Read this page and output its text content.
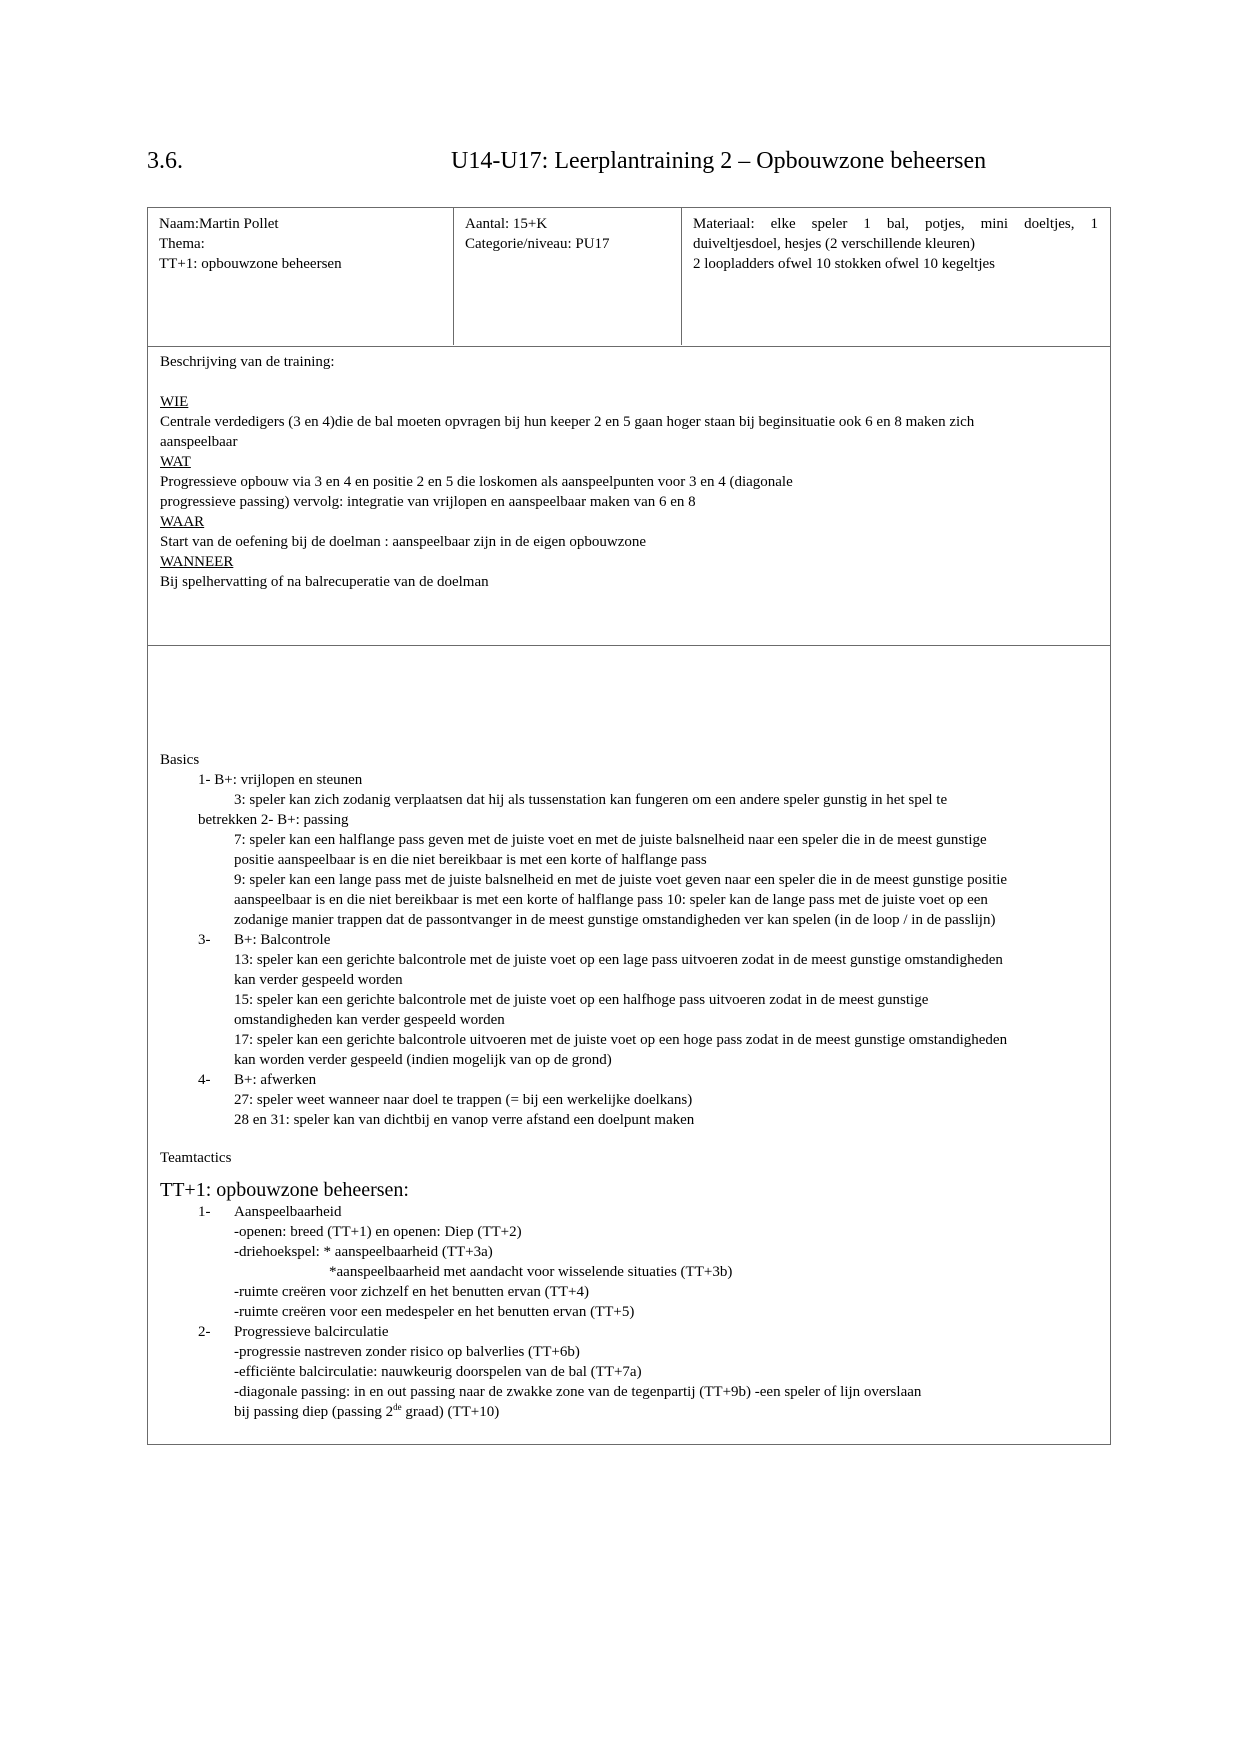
3.6.	U14-U17: Leerplantraining 2 – Opbouwzone beheersen
Naam:Martin Pollet
Thema:
TT+1: opbouwzone beheersen
Aantal: 15+K
Categorie/niveau: PU17
Materiaal: elke speler 1 bal, potjes, mini doeltjes, 1
duiveltjesdoel, hesjes (2 verschillende kleuren)
2 loopladders ofwel 10 stokken ofwel 10 kegeltjes
Beschrijving van de training:
WIE
Centrale verdedigers (3 en 4)die de bal moeten opvragen bij hun keeper 2 en 5 gaan hoger staan bij beginsituatie ook 6 en 8 maken zich
aanspeelbaar
WAT
Progressieve opbouw via 3 en 4 en positie 2 en 5 die loskomen als aanspeelpunten voor 3 en 4 (diagonale
progressieve passing) vervolg: integratie van vrijlopen en aanspeelbaar maken van 6 en 8
WAAR
Start van de oefening bij de doelman : aanspeelbaar zijn in de eigen opbouwzone
WANNEER
Bij spelhervatting of na balrecuperatie van de doelman
Basics
1- B+: vrijlopen en steunen
3: speler kan zich zodanig verplaatsen dat hij als tussenstation kan fungeren om een andere speler gunstig in het spel te
betrekken 2- B+: passing
7: speler kan een halflange pass geven met de juiste voet en met de juiste balsnelheid naar een speler die in de meest gunstige
positie aanspeelbaar is en die niet bereikbaar is met een korte of halflange pass
9: speler kan een lange pass met de juiste balsnelheid en met de juiste voet geven naar een speler die in de meest gunstige positie
aanspeelbaar is en die niet bereikbaar is met een korte of halflange pass 10: speler kan de lange pass met de juiste voet op een
zodanige manier trappen dat de passontvanger in de meest gunstige omstandigheden ver kan spelen (in de loop / in de passlijn)
3- B+: Balcontrole
13: speler kan een gerichte balcontrole met de juiste voet op een lage pass uitvoeren zodat in de meest gunstige omstandigheden
kan verder gespeeld worden
15: speler kan een gerichte balcontrole met de juiste voet op een halfhoge pass uitvoeren zodat in de meest gunstige
omstandigheden kan verder gespeeld worden
17: speler kan een gerichte balcontrole uitvoeren met de juiste voet op een hoge pass zodat in de meest gunstige omstandigheden
kan worden verder gespeeld (indien mogelijk van op de grond)
4- B+: afwerken
27: speler weet wanneer naar doel te trappen (= bij een werkelijke doelkans)
28 en 31: speler kan van dichtbij en vanop verre afstand een doelpunt maken
Teamtactics
TT+1: opbouwzone beheersen:
1- Aanspeelbaarheid
-openen: breed (TT+1) en openen: Diep (TT+2)
-driehoekspel: * aanspeelbaarheid (TT+3a)
*aanspeelbaarheid met aandacht voor wisselende situaties (TT+3b)
-ruimte creëren voor zichzelf en het benutten ervan (TT+4)
-ruimte creëren voor een medespeler en het benutten ervan (TT+5)
2- Progressieve balcirculatie
-progressie nastreven zonder risico op balverlies (TT+6b)
-efficiënte balcirculatie: nauwkeurig doorspelen van de bal (TT+7a)
-diagonale passing: in en out passing naar de zwakke zone van de tegenpartij (TT+9b) -een speler of lijn overslaan
bij passing diep (passing 2de graad) (TT+10)
